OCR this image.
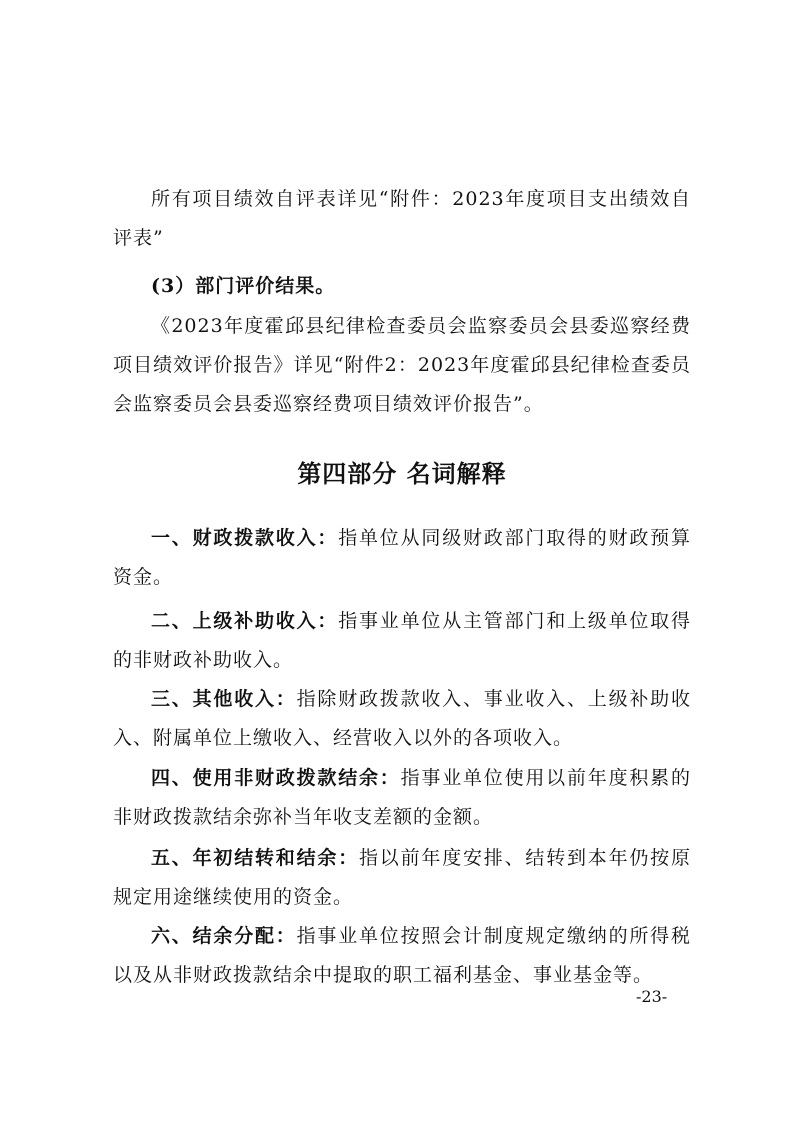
所有项目绩效自评表详见“附件：2023年度项目支出绩效自评表”

(3）部门评价结果。

《2023年度霍邱县纪律检查委员会监察委员会县委巡察经费项目绩效评价报告》详见“附件2：2023年度霍邱县纪律检查委员会监察委员会县委巡察经费项目绩效评价报告”。

第四部分 名词解释

一、财政拨款收入：指单位从同级财政部门取得的财政预算资金。

二、上级补助收入：指事业单位从主管部门和上级单位取得的非财政补助收入。

三、其他收入：指除财政拨款收入、事业收入、上级补助收入、附属单位上缴收入、经营收入以外的各项收入。

四、使用非财政拨款结余：指事业单位使用以前年度积累的非财政拨款结余弥补当年收支差额的金额。

五、年初结转和结余：指以前年度安排、结转到本年仍按原规定用途继续使用的资金。

六、结余分配：指事业单位按照会计制度规定缴纳的所得税以及从非财政拨款结余中提取的职工福利基金、事业基金等。

-23-
